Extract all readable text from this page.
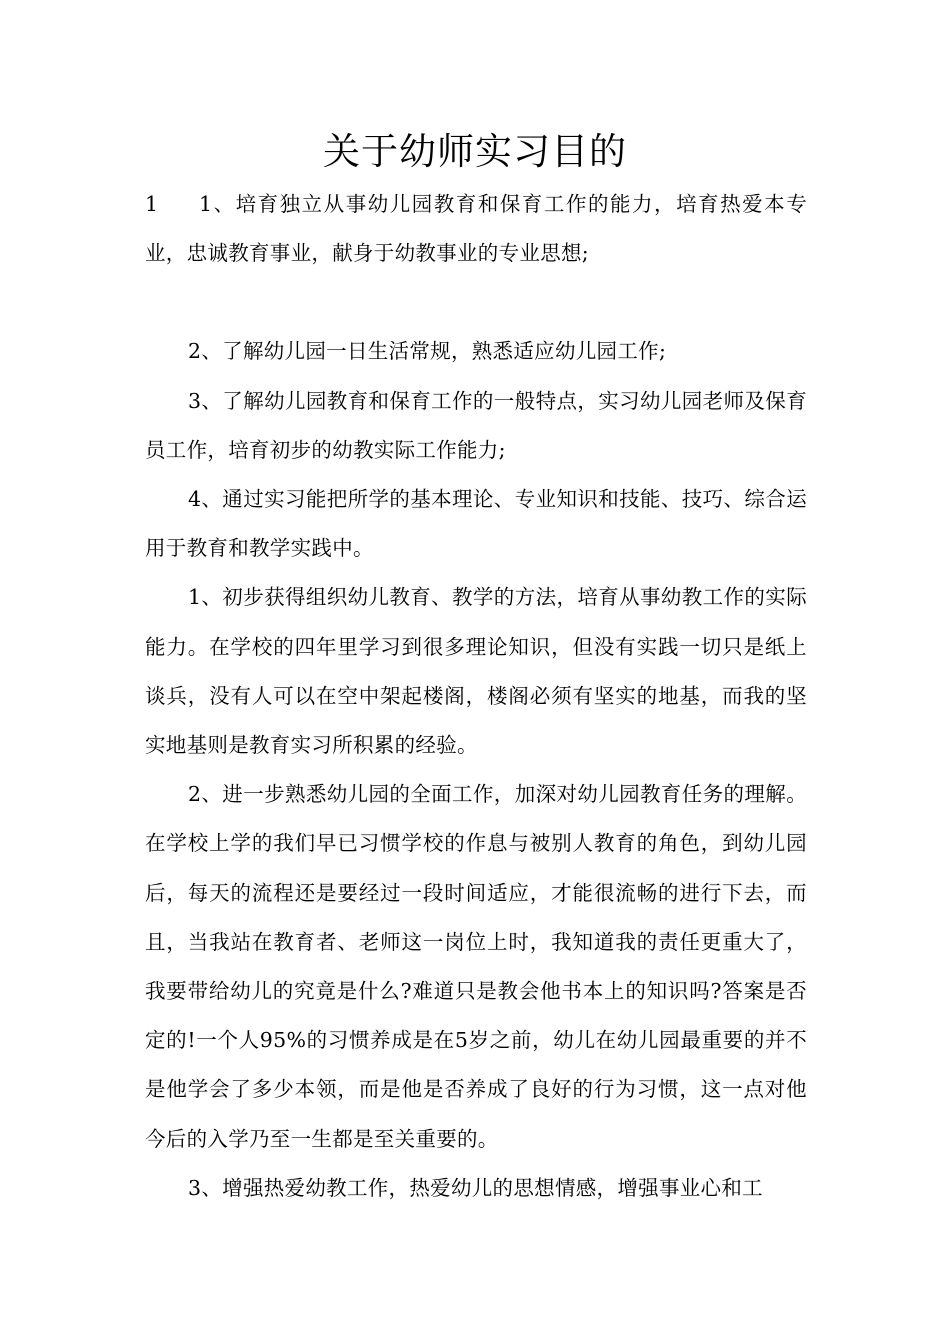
关于幼师实习目的

1 1、培育独立从事幼儿园教育和保育工作的能力，培育热爱本专业，忠诚教育事业，献身于幼教事业的专业思想;

2、了解幼儿园一日生活常规，熟悉适应幼儿园工作;

3、了解幼儿园教育和保育工作的一般特点，实习幼儿园老师及保育员工作，培育初步的幼教实际工作能力;

4、通过实习能把所学的基本理论、专业知识和技能、技巧、综合运用于教育和教学实践中。

1、初步获得组织幼儿教育、教学的方法，培育从事幼教工作的实际能力。在学校的四年里学习到很多理论知识，但没有实践一切只是纸上谈兵，没有人可以在空中架起楼阁，楼阁必须有坚实的地基，而我的坚实地基则是教育实习所积累的经验。

2、进一步熟悉幼儿园的全面工作，加深对幼儿园教育任务的理解。在学校上学的我们早已习惯学校的作息与被别人教育的角色，到幼儿园后，每天的流程还是要经过一段时间适应，才能很流畅的进行下去，而且，当我站在教育者、老师这一岗位上时，我知道我的责任更重大了，我要带给幼儿的究竟是什么?难道只是教会他书本上的知识吗?答案是否定的!一个人95%的习惯养成是在5岁之前，幼儿在幼儿园最重要的并不是他学会了多少本领，而是他是否养成了良好的行为习惯，这一点对他今后的入学乃至一生都是至关重要的。

3、增强热爱幼教工作，热爱幼儿的思想情感，增强事业心和工
